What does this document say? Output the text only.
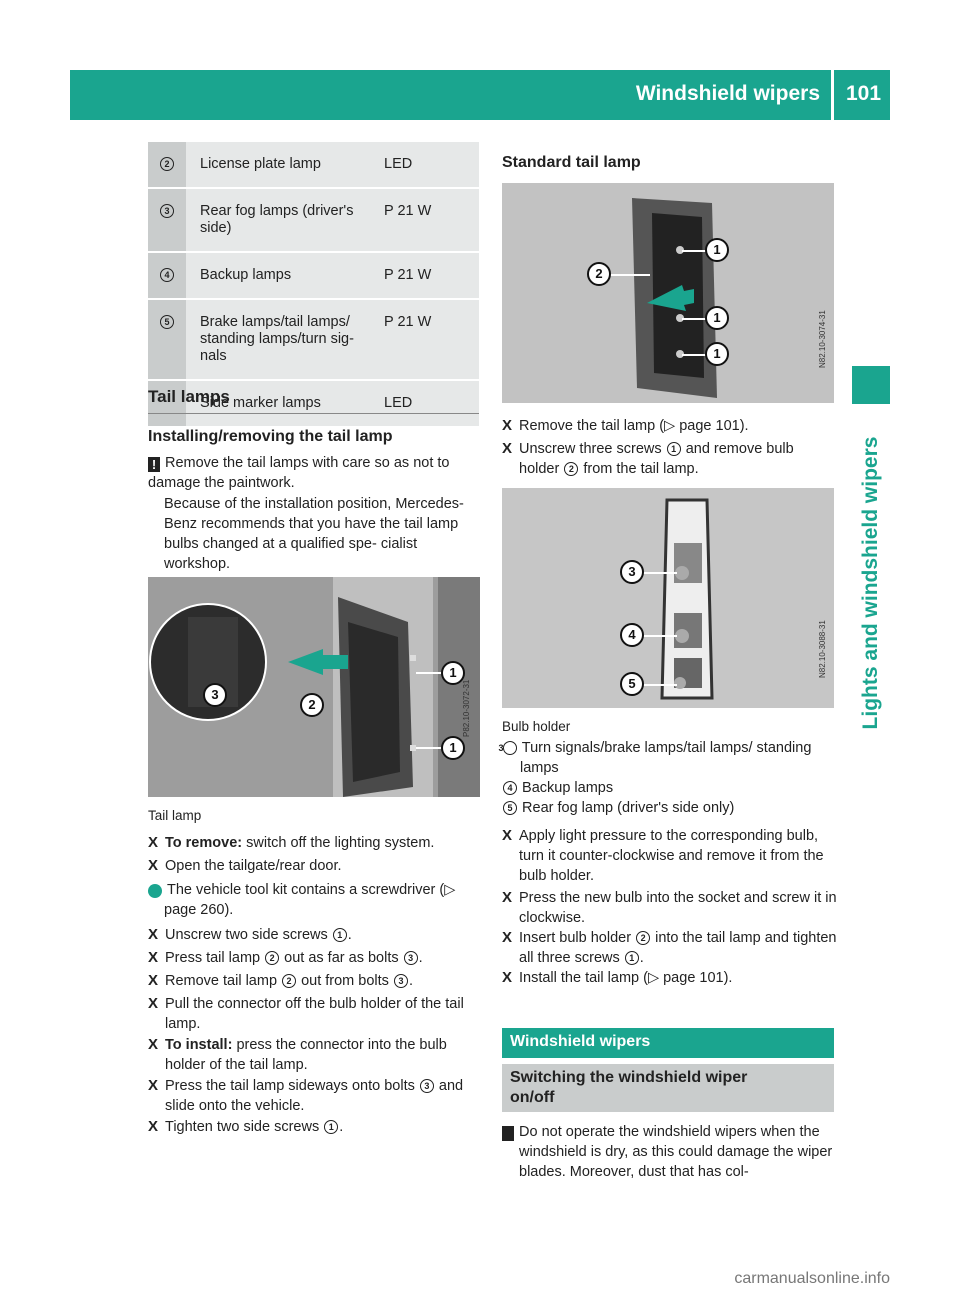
Windshield wipers 101
Lights and windshield wipers
2	License plate lamp	LED
3	Rear fog lamps (driver's side)	P 21 W
4	Backup lamps	P 21 W
5	Brake lamps/tail lamps/ standing lamps/turn sig- nals	P 21 W
	Side marker lamps	LED
Tail lamps
Installing/removing the tail lamp
! Remove the tail lamps with care so as not to damage the paintwork.
Because of the installation position, Mercedes-Benz recommends that you have the tail lamp bulbs changed at a qualified spe- cialist workshop.
1
1
2
3	P82.10-3072-31
Tail lamp
X To remove: switch off the lighting system.
X Open the tailgate/rear door.
i The vehicle tool kit contains a screwdriver (▷ page 260).
X Unscrew two side screws 1 .
X Press tail lamp 2 out as far as bolts 3 .
X Remove tail lamp 2 out from bolts 3 .
X Pull the connector off the bulb holder of the tail lamp.
X To install: press the connector into the bulb holder of the tail lamp.
X Press the tail lamp sideways onto bolts 3 and slide onto the vehicle.
X Tighten two side screws 1 .
Standard tail lamp
1
1
1
2
N82.10-3074-31
X Remove the tail lamp (▷ page 101).
X Unscrew three screws 1 and remove bulb holder 2 from the tail lamp.
3
4
5
N82.10-3088-31
Bulb holder
3 Turn signals/brake lamps/tail lamps/ standing lamps
4 Backup lamps
5 Rear fog lamp (driver's side only)
X Apply light pressure to the corresponding bulb, turn it counter-clockwise and remove it from the bulb holder.
X Press the new bulb into the socket and screw it in clockwise.
X Insert bulb holder 2 into the tail lamp and tighten all three screws 1 .
X Install the tail lamp (▷ page 101).
Windshield wipers
Switching the windshield wiper on/off
! Do not operate the windshield wipers when the windshield is dry, as this could damage the wiper blades. Moreover, dust that has col-
carmanualsonline.info
